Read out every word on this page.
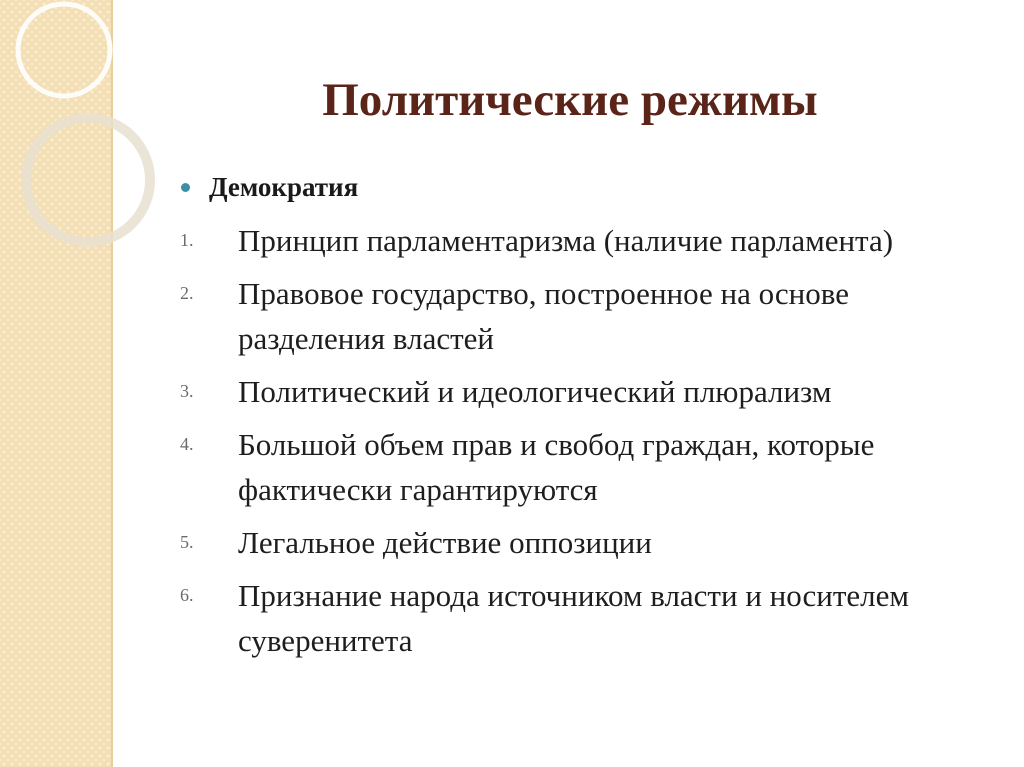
Политические режимы
Демократия
1.	Принцип парламентаризма (наличие парламента)
2.	Правовое государство, построенное на основе разделения властей
3.	Политический и идеологический плюрализм
4.	Большой объем прав и свобод граждан, которые фактически гарантируются
5.	Легальное действие оппозиции
6.	Признание народа источником власти и носителем суверенитета
